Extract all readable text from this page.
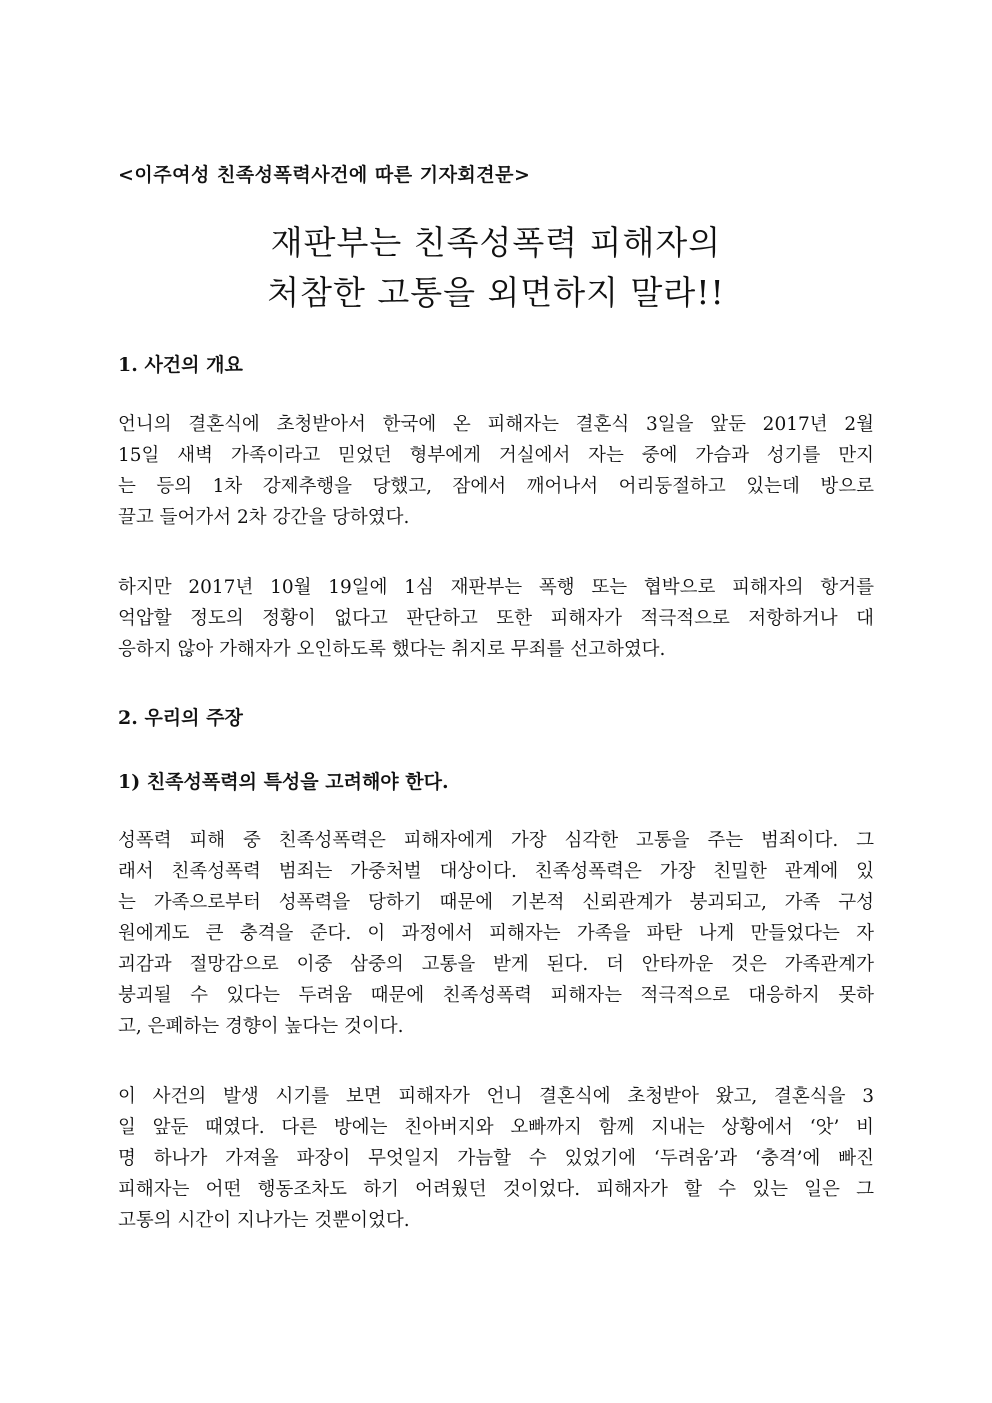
<이주여성 친족성폭력사건에 따른 기자회견문>
재판부는 친족성폭력 피해자의
처참한 고통을 외면하지 말라!!
1. 사건의 개요
언니의 결혼식에 초청받아서 한국에 온 피해자는 결혼식 3일을 앞둔 2017년 2월
15일 새벽 가족이라고 믿었던 형부에게 거실에서 자는 중에 가슴과 성기를 만지
는 등의 1차 강제추행을 당했고, 잠에서 깨어나서 어리둥절하고 있는데 방으로
끌고 들어가서 2차 강간을 당하였다.
하지만 2017년 10월 19일에 1심 재판부는 폭행 또는 협박으로 피해자의 항거를
억압할 정도의 정황이 없다고 판단하고 또한 피해자가 적극적으로 저항하거나 대
응하지 않아 가해자가 오인하도록 했다는 취지로 무죄를 선고하였다.
2. 우리의 주장
1) 친족성폭력의 특성을 고려해야 한다.
성폭력 피해 중 친족성폭력은 피해자에게 가장 심각한 고통을 주는 범죄이다. 그
래서 친족성폭력 범죄는 가중처벌 대상이다. 친족성폭력은 가장 친밀한 관계에 있
는 가족으로부터 성폭력을 당하기 때문에 기본적 신뢰관계가 붕괴되고, 가족 구성
원에게도 큰 충격을 준다. 이 과정에서 피해자는 가족을 파탄 나게 만들었다는 자
괴감과 절망감으로 이중 삼중의 고통을 받게 된다. 더 안타까운 것은 가족관계가
붕괴될 수 있다는 두려움 때문에 친족성폭력 피해자는 적극적으로 대응하지 못하
고, 은폐하는 경향이 높다는 것이다.
이 사건의 발생 시기를 보면 피해자가 언니 결혼식에 초청받아 왔고, 결혼식을 3
일 앞둔 때였다. 다른 방에는 친아버지와 오빠까지 함께 지내는 상황에서 ‘앗’ 비
명 하나가 가져올 파장이 무엇일지 가늠할 수 있었기에 ‘두려움’과 ‘충격’에 빠진
피해자는 어떤 행동조차도 하기 어려웠던 것이었다. 피해자가 할 수 있는 일은 그
고통의 시간이 지나가는 것뿐이었다.
